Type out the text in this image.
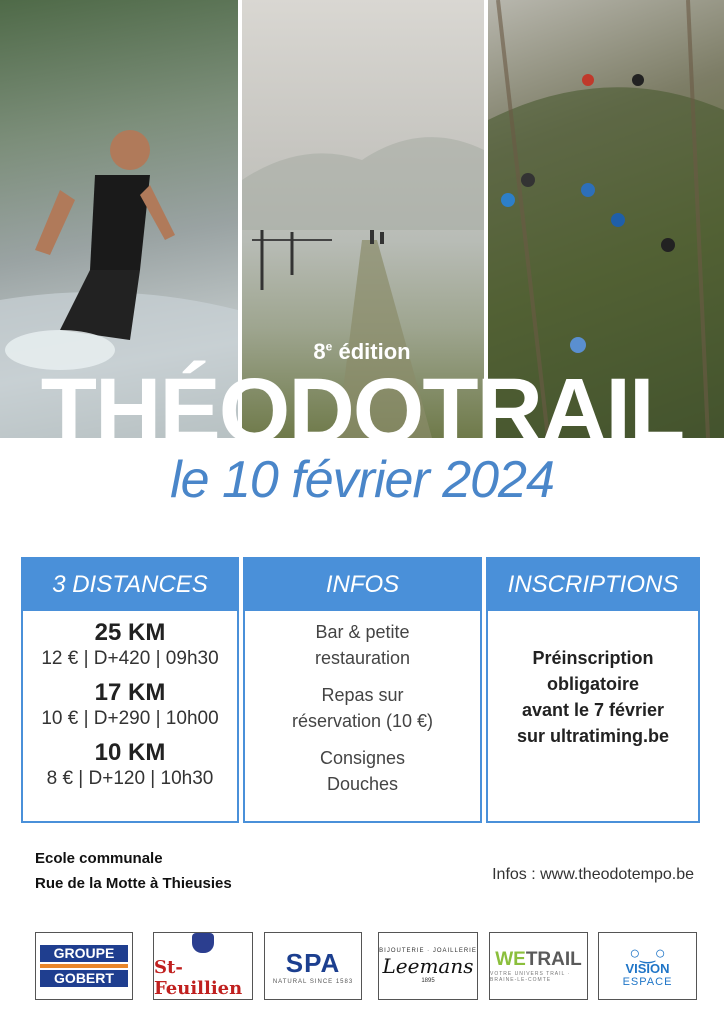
8e édition
THÉODOTRAIL
le 10 février 2024
3 DISTANCES
25 KM
12 € | D+420 | 09h30
17 KM
10 € | D+290 | 10h00
10 KM
8 € | D+120 | 10h30
INFOS
Bar & petite restauration
Repas sur réservation (10 €)
Consignes
Douches
INSCRIPTIONS
Préinscription
obligatoire
avant le 7 février
sur ultratiming.be
Ecole communale
Rue de la Motte à Thieusies
Infos : www.theodotempo.be
GROUPE
GOBERT	St-Feuillien
SPA
NATURAL SINCE 1583
BIJOUTERIE · JOAILLERIE
Leemans
1895
WETRAIL
VOTRE UNIVERS TRAIL · BRAINE-LE-COMTE
○‿○
VISION
ESPACE
